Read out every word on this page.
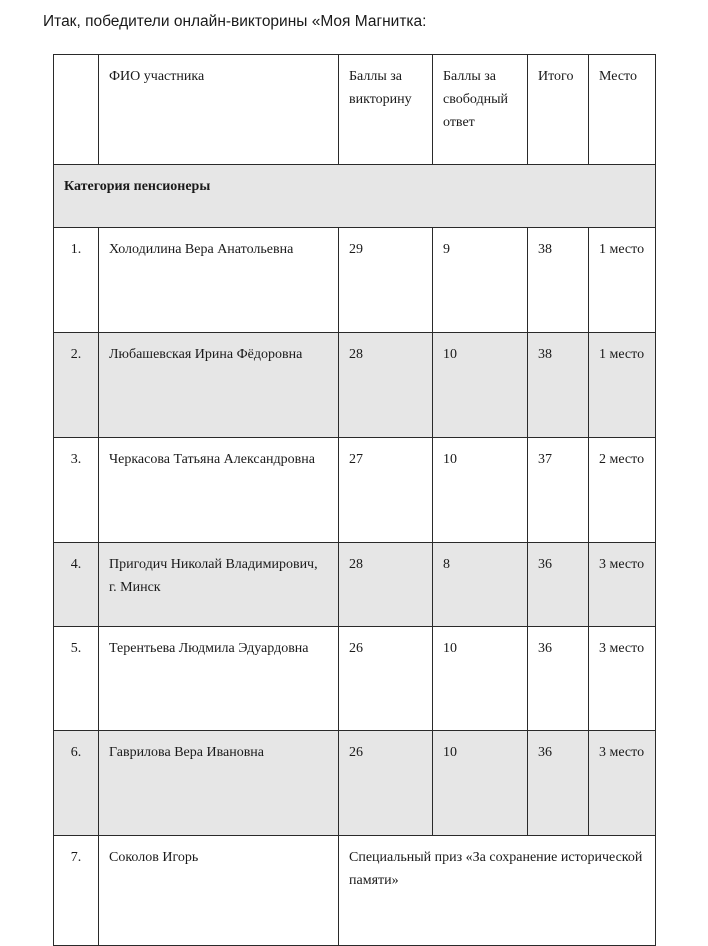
Итак, победители онлайн-викторины «Моя Магнитка:
	ФИО участника	Баллы за викторину	Баллы за свободный ответ	Итого	Место
Категория пенсионеры					
1.	Холодилина Вера Анатольевна	29	9	38	1 место
2.	Любашевская Ирина Фёдоровна	28	10	38	1 место
3.	Черкасова Татьяна Александровна	27	10	37	2 место
4.	Пригодич Николай Владимирович, г. Минск	28	8	36	3 место
5.	Терентьева Людмила Эдуардовна	26	10	36	3 место
6.	Гаврилова Вера Ивановна	26	10	36	3 место
7.	Соколов Игорь	Специальный приз «За сохранение исторической памяти»			
